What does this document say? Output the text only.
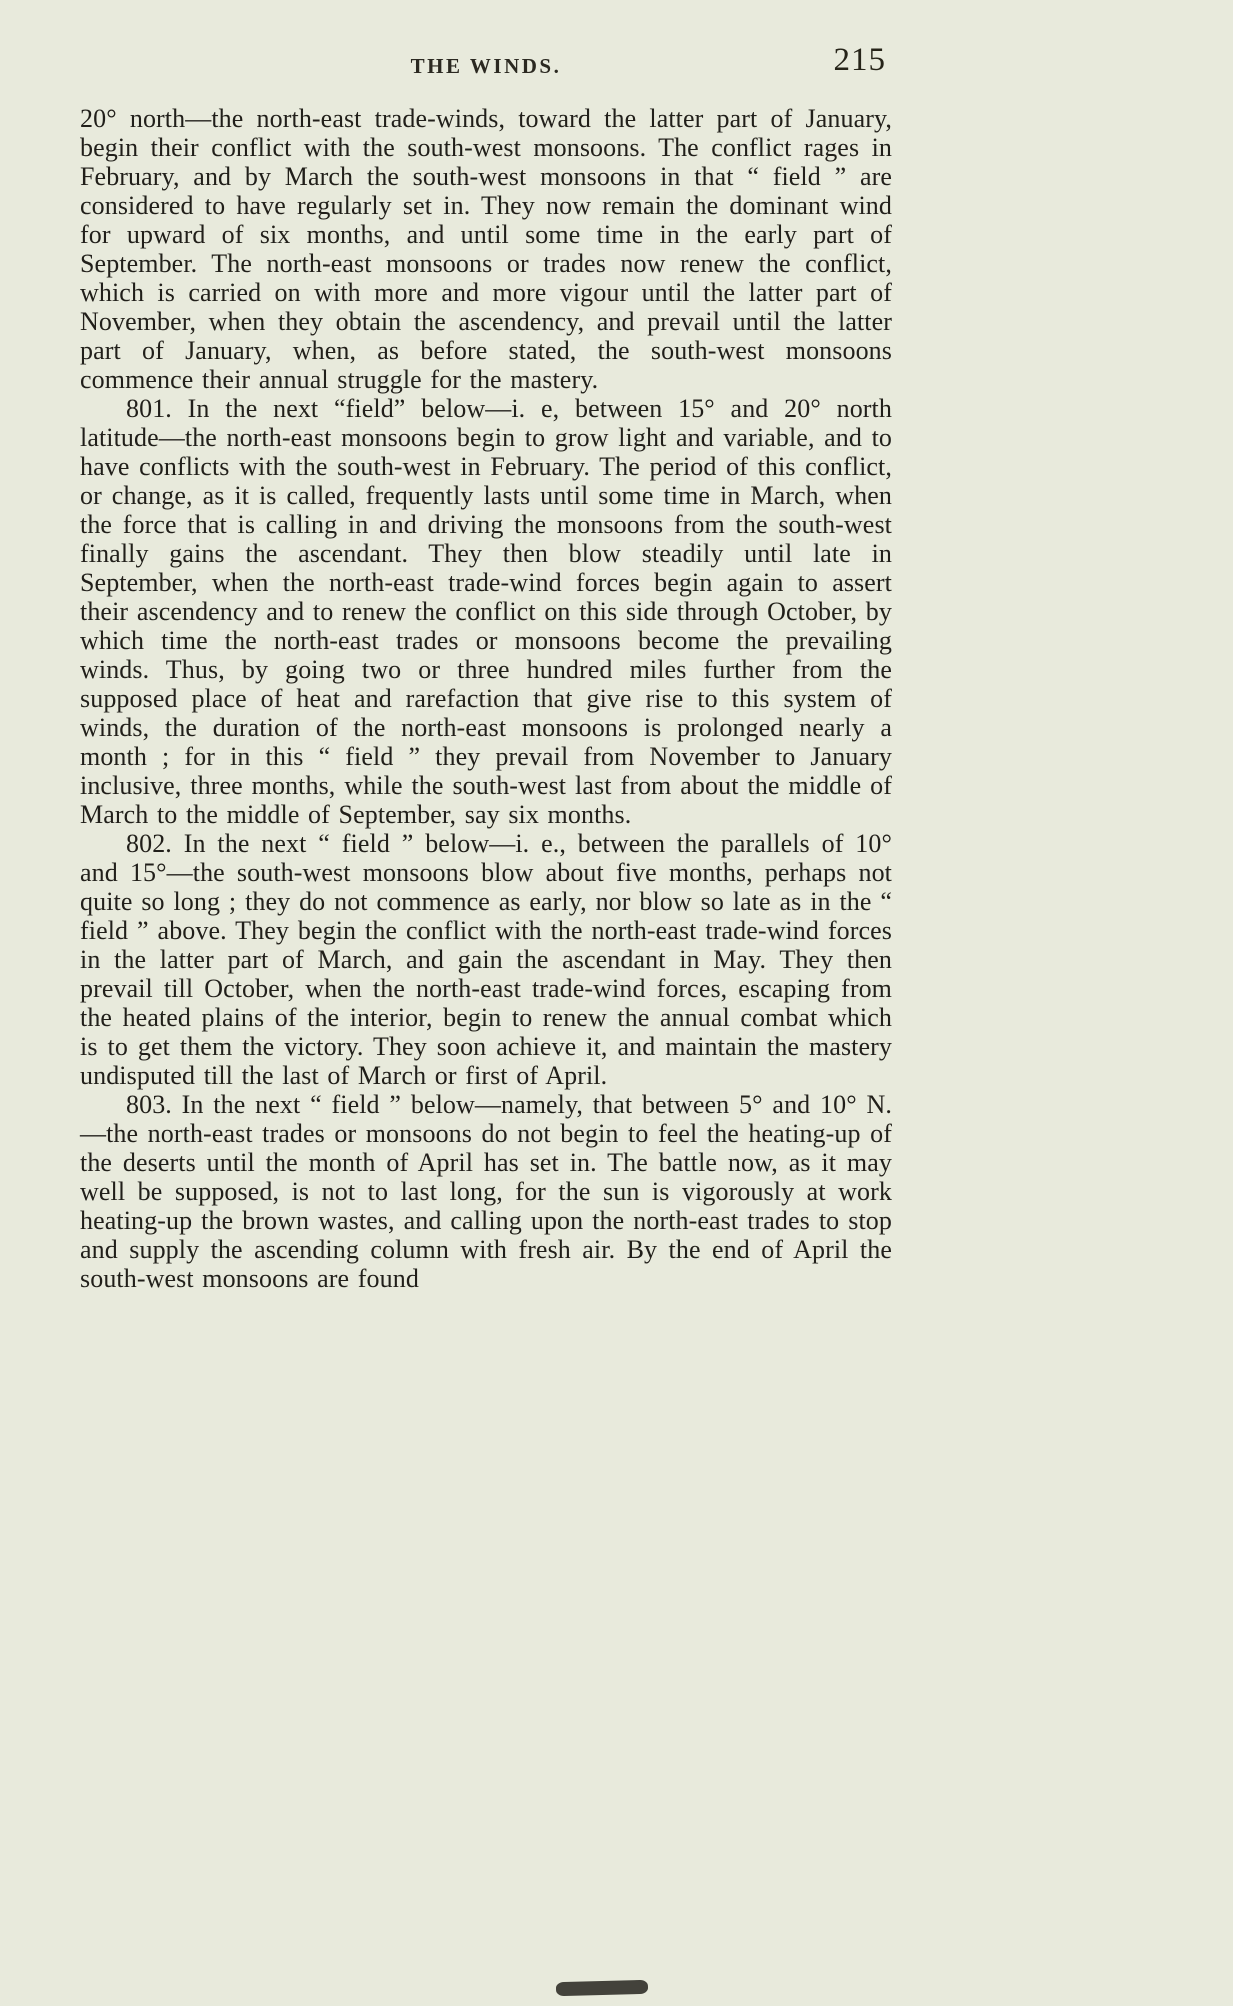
THE WINDS.	215

20° north—the north-east trade-winds, toward the latter part of January, begin their conflict with the south-west monsoons. The conflict rages in February, and by March the south-west monsoons in that “ field ” are considered to have regularly set in. They now remain the dominant wind for upward of six months, and until some time in the early part of September. The north-east monsoons or trades now renew the conflict, which is carried on with more and more vigour until the latter part of November, when they obtain the ascendency, and prevail until the latter part of January, when, as before stated, the south-west monsoons commence their annual struggle for the mastery.

801. In the next “field” below—i. e, between 15° and 20° north latitude—the north-east monsoons begin to grow light and variable, and to have conflicts with the south-west in February. The period of this conflict, or change, as it is called, frequently lasts until some time in March, when the force that is calling in and driving the monsoons from the south-west finally gains the ascendant. They then blow steadily until late in September, when the north-east trade-wind forces begin again to assert their ascendency and to renew the conflict on this side through October, by which time the north-east trades or monsoons become the prevailing winds. Thus, by going two or three hundred miles further from the supposed place of heat and rarefaction that give rise to this system of winds, the duration of the north-east monsoons is prolonged nearly a month ; for in this “ field ” they prevail from November to January inclusive, three months, while the south-west last from about the middle of March to the middle of September, say six months.

802. In the next “ field ” below—i. e., between the parallels of 10° and 15°—the south-west monsoons blow about five months, perhaps not quite so long ; they do not commence as early, nor blow so late as in the “ field ” above. They begin the conflict with the north-east trade-wind forces in the latter part of March, and gain the ascendant in May. They then prevail till October, when the north-east trade-wind forces, escaping from the heated plains of the interior, begin to renew the annual combat which is to get them the victory. They soon achieve it, and maintain the mastery undisputed till the last of March or first of April.

803. In the next “ field ” below—namely, that between 5° and 10° N.—the north-east trades or monsoons do not begin to feel the heating-up of the deserts until the month of April has set in. The battle now, as it may well be supposed, is not to last long, for the sun is vigorously at work heating-up the brown wastes, and calling upon the north-east trades to stop and supply the ascending column with fresh air. By the end of April the south-west monsoons are found
